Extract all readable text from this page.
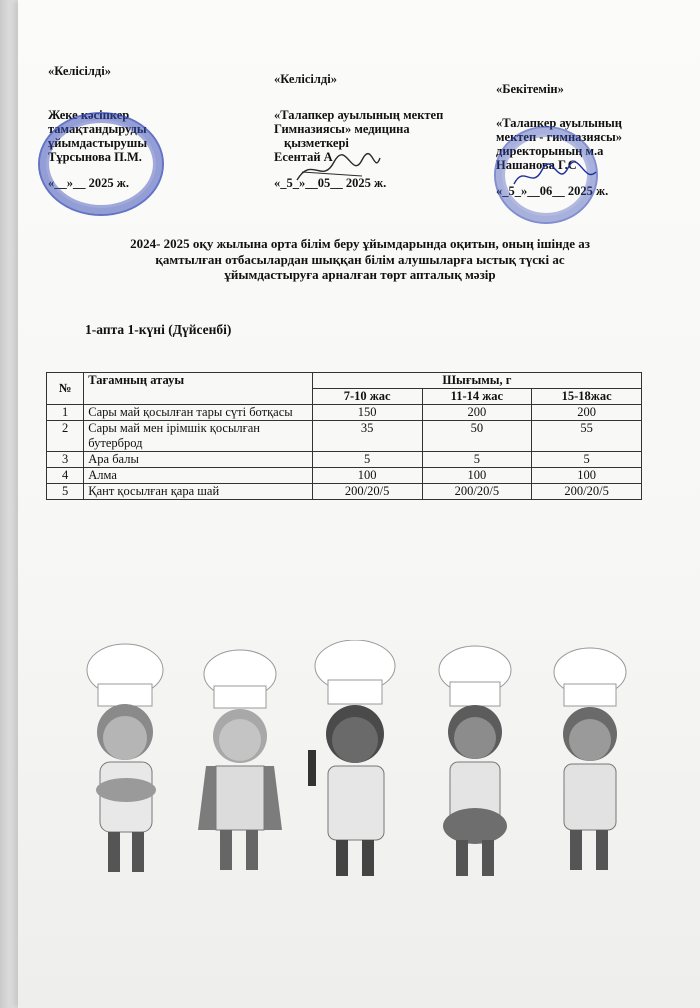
«Келісілді»
Жеке кәсіпкер
тамақтандыруды
ұйымдастырушы
Тұрсынова П.М.
«__»__ 2025 ж.
«Келісілді»
«Талапкер ауылының мектеп
Гимназиясы» медицина
қызметкері
Есентай А
«_5_»__05__ 2025 ж.
«Бекітемін»
«Талапкер ауылының
мектеп - гимназиясы»
директорының м.а
Нашанова Г.С
«_5_»__06__ 2025 ж.
2024- 2025 оқу жылына орта білім беру ұйымдарында оқитын, оның ішінде аз
қамтылған отбасылардан шыққан білім алушыларға ыстық түскі ас
ұйымдастыруға арналған төрт апталық мәзір
1-апта 1-күні (Дүйсенбі)
№	Тағамның атауы	Шығымы, г		
		7-10 жас	11-14 жас	15-18жас
1	Сары май қосылған тары сүті ботқасы	150	200	200
2	Сары май мен ірімшік қосылған бутерброд	35	50	55
3	Ара балы	5	5	5
4	Алма	100	100	100
5	Қант қосылған қара шай	200/20/5	200/20/5	200/20/5
